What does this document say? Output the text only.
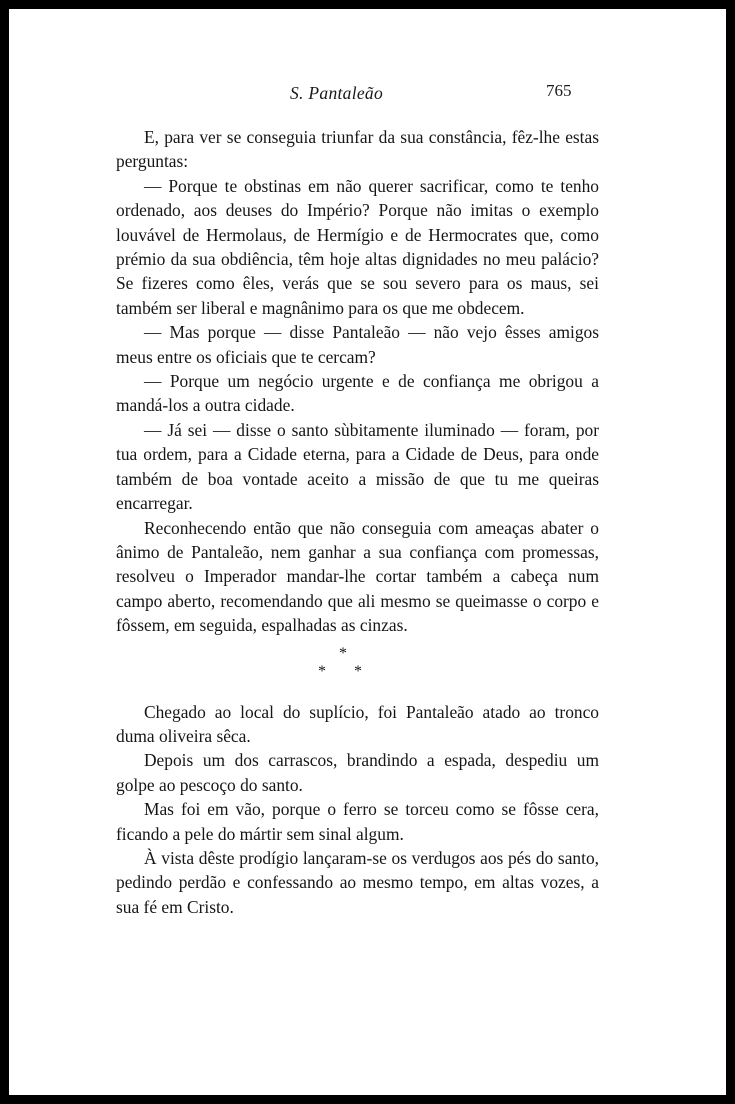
S. Pantaleão	765

E, para ver se conseguia triunfar da sua constância, fêz-lhe estas perguntas:

— Porque te obstinas em não querer sacrificar, como te tenho ordenado, aos deuses do Império? Porque não imitas o exemplo louvável de Hermolaus, de Hermígio e de Hermocrates que, como prémio da sua obdiência, têm hoje altas dignidades no meu palácio? Se fizeres como êles, verás que se sou severo para os maus, sei também ser liberal e magnânimo para os que me obdecem.

— Mas porque — disse Pantaleão — não vejo êsses amigos meus entre os oficiais que te cercam?

— Porque um negócio urgente e de confiança me obrigou a mandá-los a outra cidade.

— Já sei — disse o santo sùbitamente iluminado — foram, por tua ordem, para a Cidade eterna, para a Cidade de Deus, para onde também de boa vontade aceito a missão de que tu me queiras encarregar.

Reconhecendo então que não conseguia com ameaças abater o ânimo de Pantaleão, nem ganhar a sua confiança com promessas, resolveu o Imperador mandar-lhe cortar também a cabeça num campo aberto, recomendando que ali mesmo se queimasse o corpo e fôssem, em seguida, espalhadas as cinzas.

*
* *

Chegado ao local do suplício, foi Pantaleão atado ao tronco duma oliveira sêca.

Depois um dos carrascos, brandindo a espada, despediu um golpe ao pescoço do santo.

Mas foi em vão, porque o ferro se torceu como se fôsse cera, ficando a pele do mártir sem sinal algum.

À vista dêste prodígio lançaram-se os verdugos aos pés do santo, pedindo perdão e confessando ao mesmo tempo, em altas vozes, a sua fé em Cristo.
